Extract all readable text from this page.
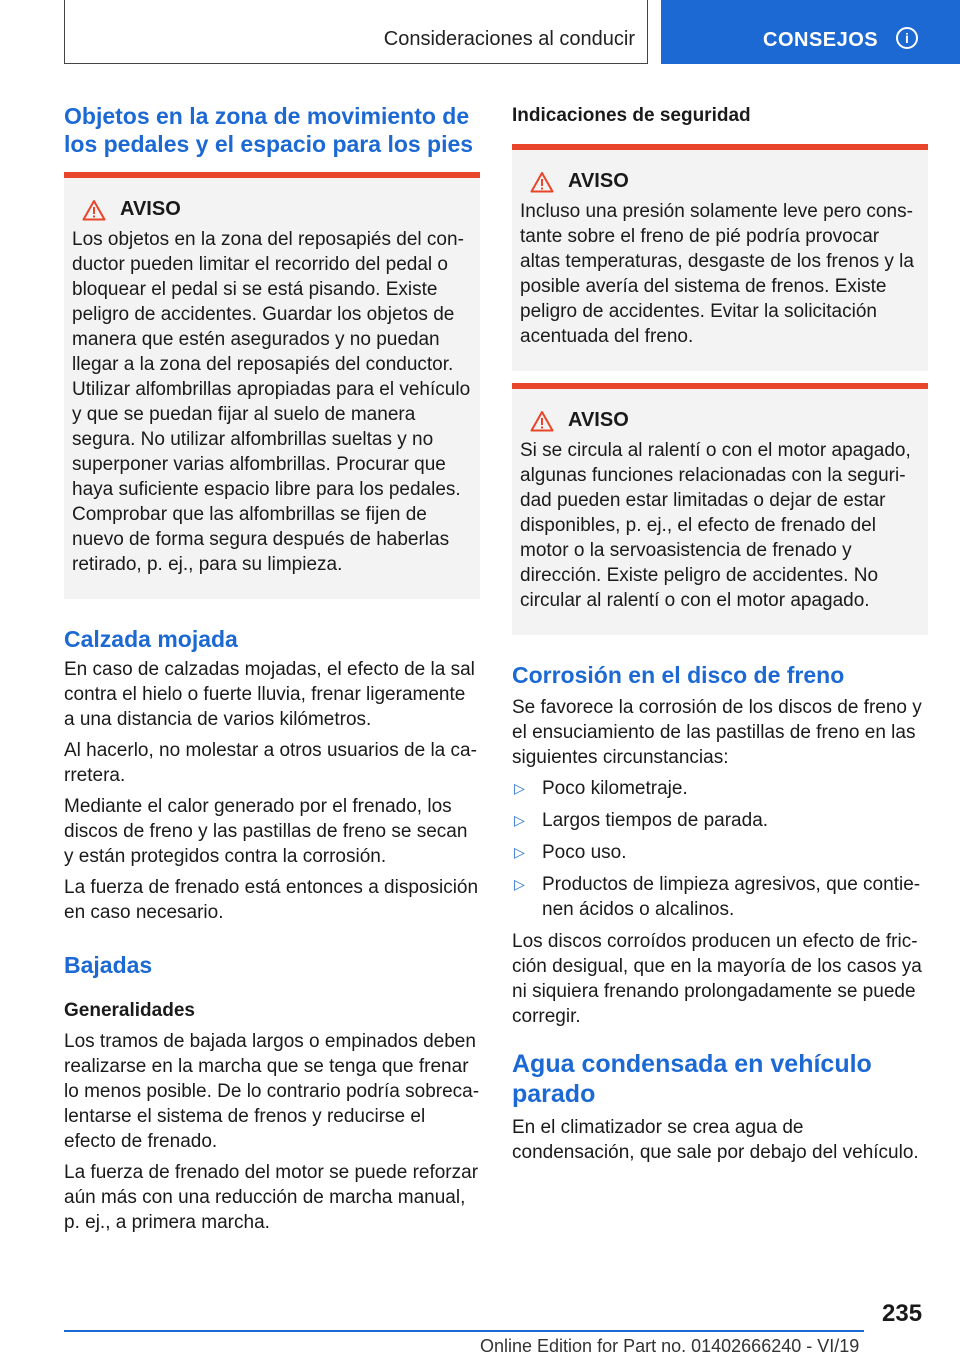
Consideraciones al conducir	CONSEJOS	i
Objetos en la zona de movimiento de los pedales y el espacio para los pies
AVISO

Los objetos en la zona del reposapiés del conductor pueden limitar el recorrido del pedal o bloquear el pedal si se está pisando. Existe peligro de accidentes. Guardar los objetos de manera que estén asegurados y no puedan llegar a la zona del reposapiés del conductor. Utilizar alfombrillas apropiadas para el vehículo y que se puedan fijar al suelo de manera segura. No utilizar alfombrillas sueltas y no superponer varias alfombrillas. Procurar que haya suficiente espacio libre para los pedales. Comprobar que las alfombrillas se fijen de nuevo de forma segura después de haberlas retirado, p. ej., para su limpieza.

Calzada mojada

En caso de calzadas mojadas, el efecto de la sal contra el hielo o fuerte lluvia, frenar ligeramente a una distancia de varios kilómetros.

Al hacerlo, no molestar a otros usuarios de la carretera.

Mediante el calor generado por el frenado, los discos de freno y las pastillas de freno se secan y están protegidos contra la corrosión.

La fuerza de frenado está entonces a disposición en caso necesario.

Bajadas
Generalidades

Los tramos de bajada largos o empinados deben realizarse en la marcha que se tenga que frenar lo menos posible. De lo contrario podría sobrecalentarse el sistema de frenos y reducirse el efecto de frenado.

La fuerza de frenado del motor se puede reforzar aún más con una reducción de marcha manual, p. ej., a primera marcha.

Indicaciones de seguridad
AVISO

Incluso una presión solamente leve pero constante sobre el freno de pié podría provocar altas temperaturas, desgaste de los frenos y la posible avería del sistema de frenos. Existe peligro de accidentes. Evitar la solicitación acentuada del freno.

AVISO

Si se circula al ralentí o con el motor apagado, algunas funciones relacionadas con la seguridad pueden estar limitadas o dejar de estar disponibles, p. ej., el efecto de frenado del motor o la servoasistencia de frenado y dirección. Existe peligro de accidentes. No circular al ralentí o con el motor apagado.

Corrosión en el disco de freno

Se favorece la corrosión de los discos de freno y el ensuciamiento de las pastillas de freno en las siguientes circunstancias:

▷ Poco kilometraje.
▷ Largos tiempos de parada.
▷ Poco uso.
▷ Productos de limpieza agresivos, que contienen ácidos o alcalinos.

Los discos corroídos producen un efecto de fricción desigual, que en la mayoría de los casos ya ni siquiera frenando prolongadamente se puede corregir.

Agua condensada en vehículo parado

En el climatizador se crea agua de condensación, que sale por debajo del vehículo.

235
Online Edition for Part no. 01402666240 - VI/19
